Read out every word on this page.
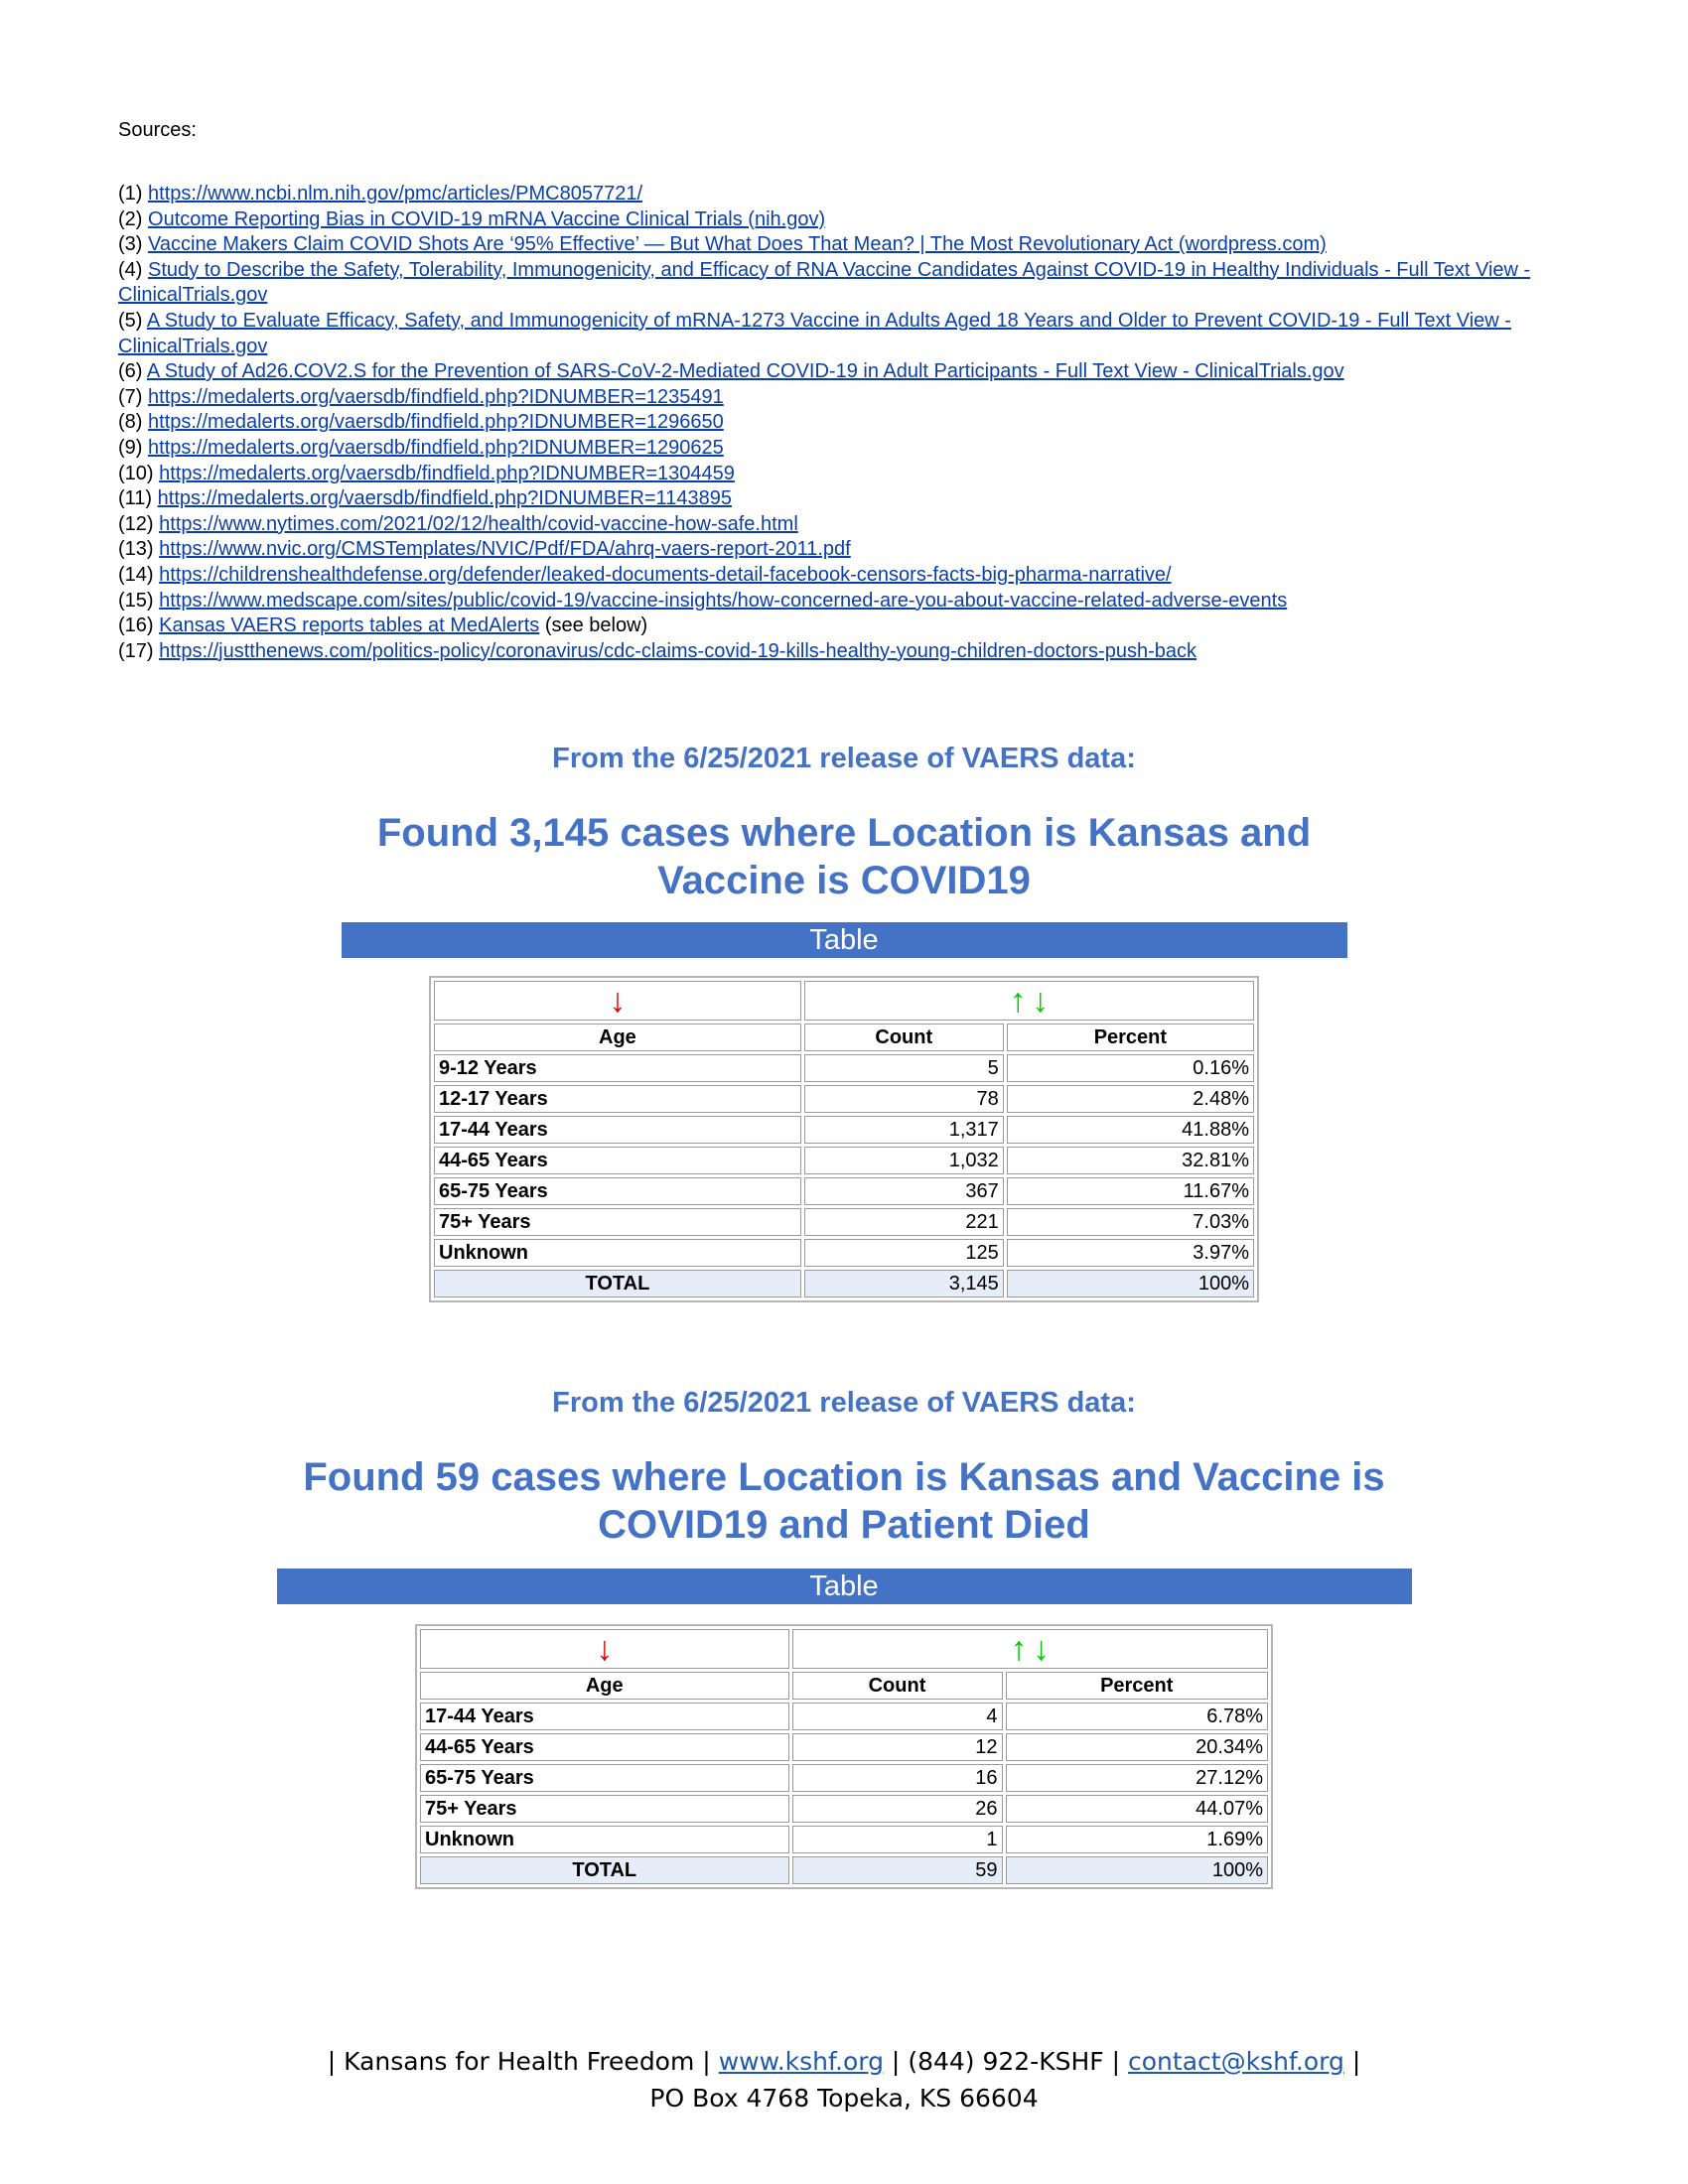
Sources:
(1) https://www.ncbi.nlm.nih.gov/pmc/articles/PMC8057721/
(2) Outcome Reporting Bias in COVID-19 mRNA Vaccine Clinical Trials (nih.gov)
(3) Vaccine Makers Claim COVID Shots Are ‘95% Effective’ — But What Does That Mean? | The Most Revolutionary Act (wordpress.com)
(4) Study to Describe the Safety, Tolerability, Immunogenicity, and Efficacy of RNA Vaccine Candidates Against COVID-19 in Healthy Individuals - Full Text View - ClinicalTrials.gov
(5) A Study to Evaluate Efficacy, Safety, and Immunogenicity of mRNA-1273 Vaccine in Adults Aged 18 Years and Older to Prevent COVID-19 - Full Text View - ClinicalTrials.gov
(6) A Study of Ad26.COV2.S for the Prevention of SARS-CoV-2-Mediated COVID-19 in Adult Participants - Full Text View - ClinicalTrials.gov
(7) https://medalerts.org/vaersdb/findfield.php?IDNUMBER=1235491
(8) https://medalerts.org/vaersdb/findfield.php?IDNUMBER=1296650
(9) https://medalerts.org/vaersdb/findfield.php?IDNUMBER=1290625
(10) https://medalerts.org/vaersdb/findfield.php?IDNUMBER=1304459
(11) https://medalerts.org/vaersdb/findfield.php?IDNUMBER=1143895
(12) https://www.nytimes.com/2021/02/12/health/covid-vaccine-how-safe.html
(13) https://www.nvic.org/CMSTemplates/NVIC/Pdf/FDA/ahrq-vaers-report-2011.pdf
(14) https://childrenshealthdefense.org/defender/leaked-documents-detail-facebook-censors-facts-big-pharma-narrative/
(15) https://www.medscape.com/sites/public/covid-19/vaccine-insights/how-concerned-are-you-about-vaccine-related-adverse-events
(16) Kansas VAERS reports tables at MedAlerts (see below)
(17) https://justthenews.com/politics-policy/coronavirus/cdc-claims-covid-19-kills-healthy-young-children-doctors-push-back

From the 6/25/2021 release of VAERS data:

Found 3,145 cases where Location is Kansas and Vaccine is COVID19

Table
↓	↑ ↓	
Age	Count	Percent
9-12 Years	5	0.16%
12-17 Years	78	2.48%
17-44 Years	1,317	41.88%
44-65 Years	1,032	32.81%
65-75 Years	367	11.67%
75+ Years	221	7.03%
Unknown	125	3.97%
TOTAL	3,145	100%

From the 6/25/2021 release of VAERS data:

Found 59 cases where Location is Kansas and Vaccine is COVID19 and Patient Died

Table
↓	↑ ↓	
Age	Count	Percent
17-44 Years	4	6.78%
44-65 Years	12	20.34%
65-75 Years	16	27.12%
75+ Years	26	44.07%
Unknown	1	1.69%
TOTAL	59	100%
| Kansans for Health Freedom | www.kshf.org | (844) 922-KSHF | contact@kshf.org |
PO Box 4768 Topeka, KS 66604
